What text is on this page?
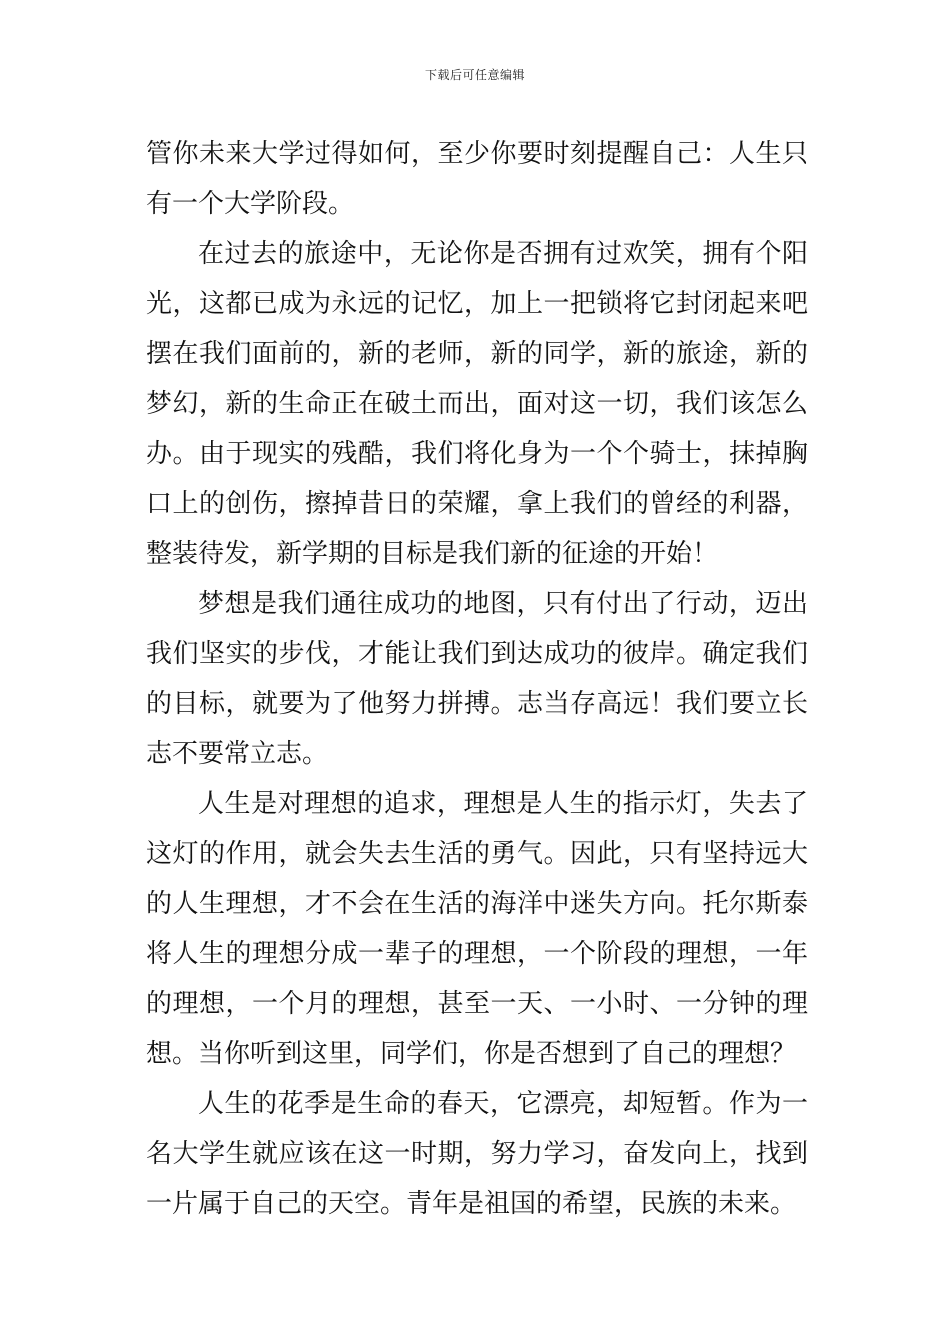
下载后可任意编辑

管你未来大学过得如何，至少你要时刻提醒自己：人生只有一个大学阶段。

在过去的旅途中，无论你是否拥有过欢笑，拥有个阳光，这都已成为永远的记忆，加上一把锁将它封闭起来吧摆在我们面前的，新的老师，新的同学，新的旅途，新的梦幻，新的生命正在破土而出，面对这一切，我们该怎么办。由于现实的残酷，我们将化身为一个个骑士，抹掉胸口上的创伤，擦掉昔日的荣耀，拿上我们的曾经的利器，整装待发，新学期的目标是我们新的征途的开始！

梦想是我们通往成功的地图，只有付出了行动，迈出我们坚实的步伐，才能让我们到达成功的彼岸。确定我们的目标，就要为了他努力拼搏。志当存高远！我们要立长志不要常立志。

人生是对理想的追求，理想是人生的指示灯，失去了这灯的作用，就会失去生活的勇气。因此，只有坚持远大的人生理想，才不会在生活的海洋中迷失方向。托尔斯泰将人生的理想分成一辈子的理想，一个阶段的理想，一年的理想，一个月的理想，甚至一天、一小时、一分钟的理想。当你听到这里，同学们，你是否想到了自己的理想？

人生的花季是生命的春天，它漂亮，却短暂。作为一名大学生就应该在这一时期，努力学习，奋发向上，找到一片属于自己的天空。青年是祖国的希望，民族的未来。
